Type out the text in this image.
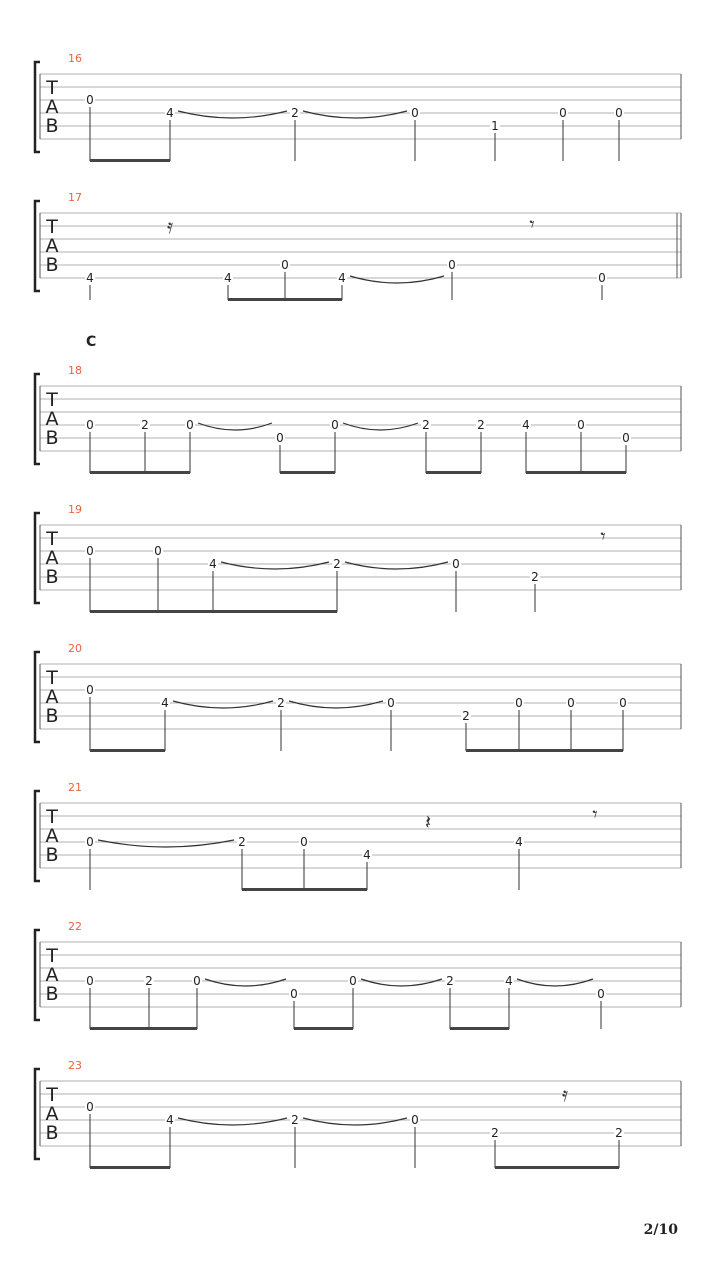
T
A
B
16
0
4	2	0
1
0	0
T
A
B
17
4	4
0
4
0
0
T
A
B
18
C
0	2	0
0
0	2	2	4	0
0
T
A
B
19
0	0
4	2	0
2
T
A
B
20
0
4	2	0
2
0	0	0
T
A
B
21
0	2	0
4
4
T
A
B
22
0	2	0
0
0	2	4
0
T
A
B
23
0
4	2	0
2	2
𝄿	𝄾
𝄾
𝄽	𝄾
𝄿
2/10
